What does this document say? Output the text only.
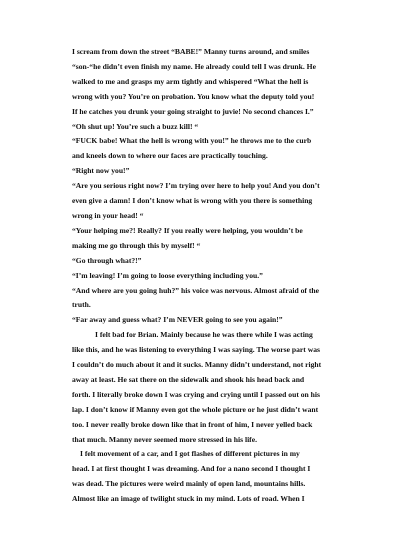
I scream from down the street “BABE!” Manny turns around, and smiles
“son-“he didn’t even finish my name. He already could tell I was drunk. He
walked to me and grasps my arm tightly and whispered “What the hell is
wrong with you? You’re on probation. You know what the deputy told you!
If he catches you drunk your going straight to juvie! No second chances I.”

“Oh shut up! You’re such a buzz kill! “

“FUCK babe! What the hell is wrong with you!” he throws me to the curb
and kneels down to where our faces are practically touching.

“Right now you!”

“Are you serious right now? I’m trying over here to help you! And you don’t
even give a damn! I don’t know what is wrong with you there is something
wrong in your head! “

“Your helping me?! Really? If you really were helping, you wouldn’t be
making me go through this by myself! “

“Go through what?!”

“I’m leaving! I’m going to loose everything including you.”

“And where are you going huh?” his voice was nervous. Almost afraid of the
truth.

“Far away and guess what? I’m NEVER going to see you again!”

I felt bad for Brian. Mainly because he was there while I was acting
like this, and he was listening to everything I was saying. The worse part was
I couldn’t do much about it and it sucks. Manny didn’t understand, not right
away at least. He sat there on the sidewalk and shook his head back and
forth. I literally broke down I was crying and crying until I passed out on his
lap. I don’t know if Manny even got the whole picture or he just didn’t want
too. I never really broke down like that in front of him, I never yelled back
that much. Manny never seemed more stressed in his life.

I felt movement of a car, and I got flashes of different pictures in my
head. I at first thought I was dreaming. And for a nano second I thought I
was dead. The pictures were weird mainly of open land, mountains hills.
Almost like an image of twilight stuck in my mind. Lots of road. When I
